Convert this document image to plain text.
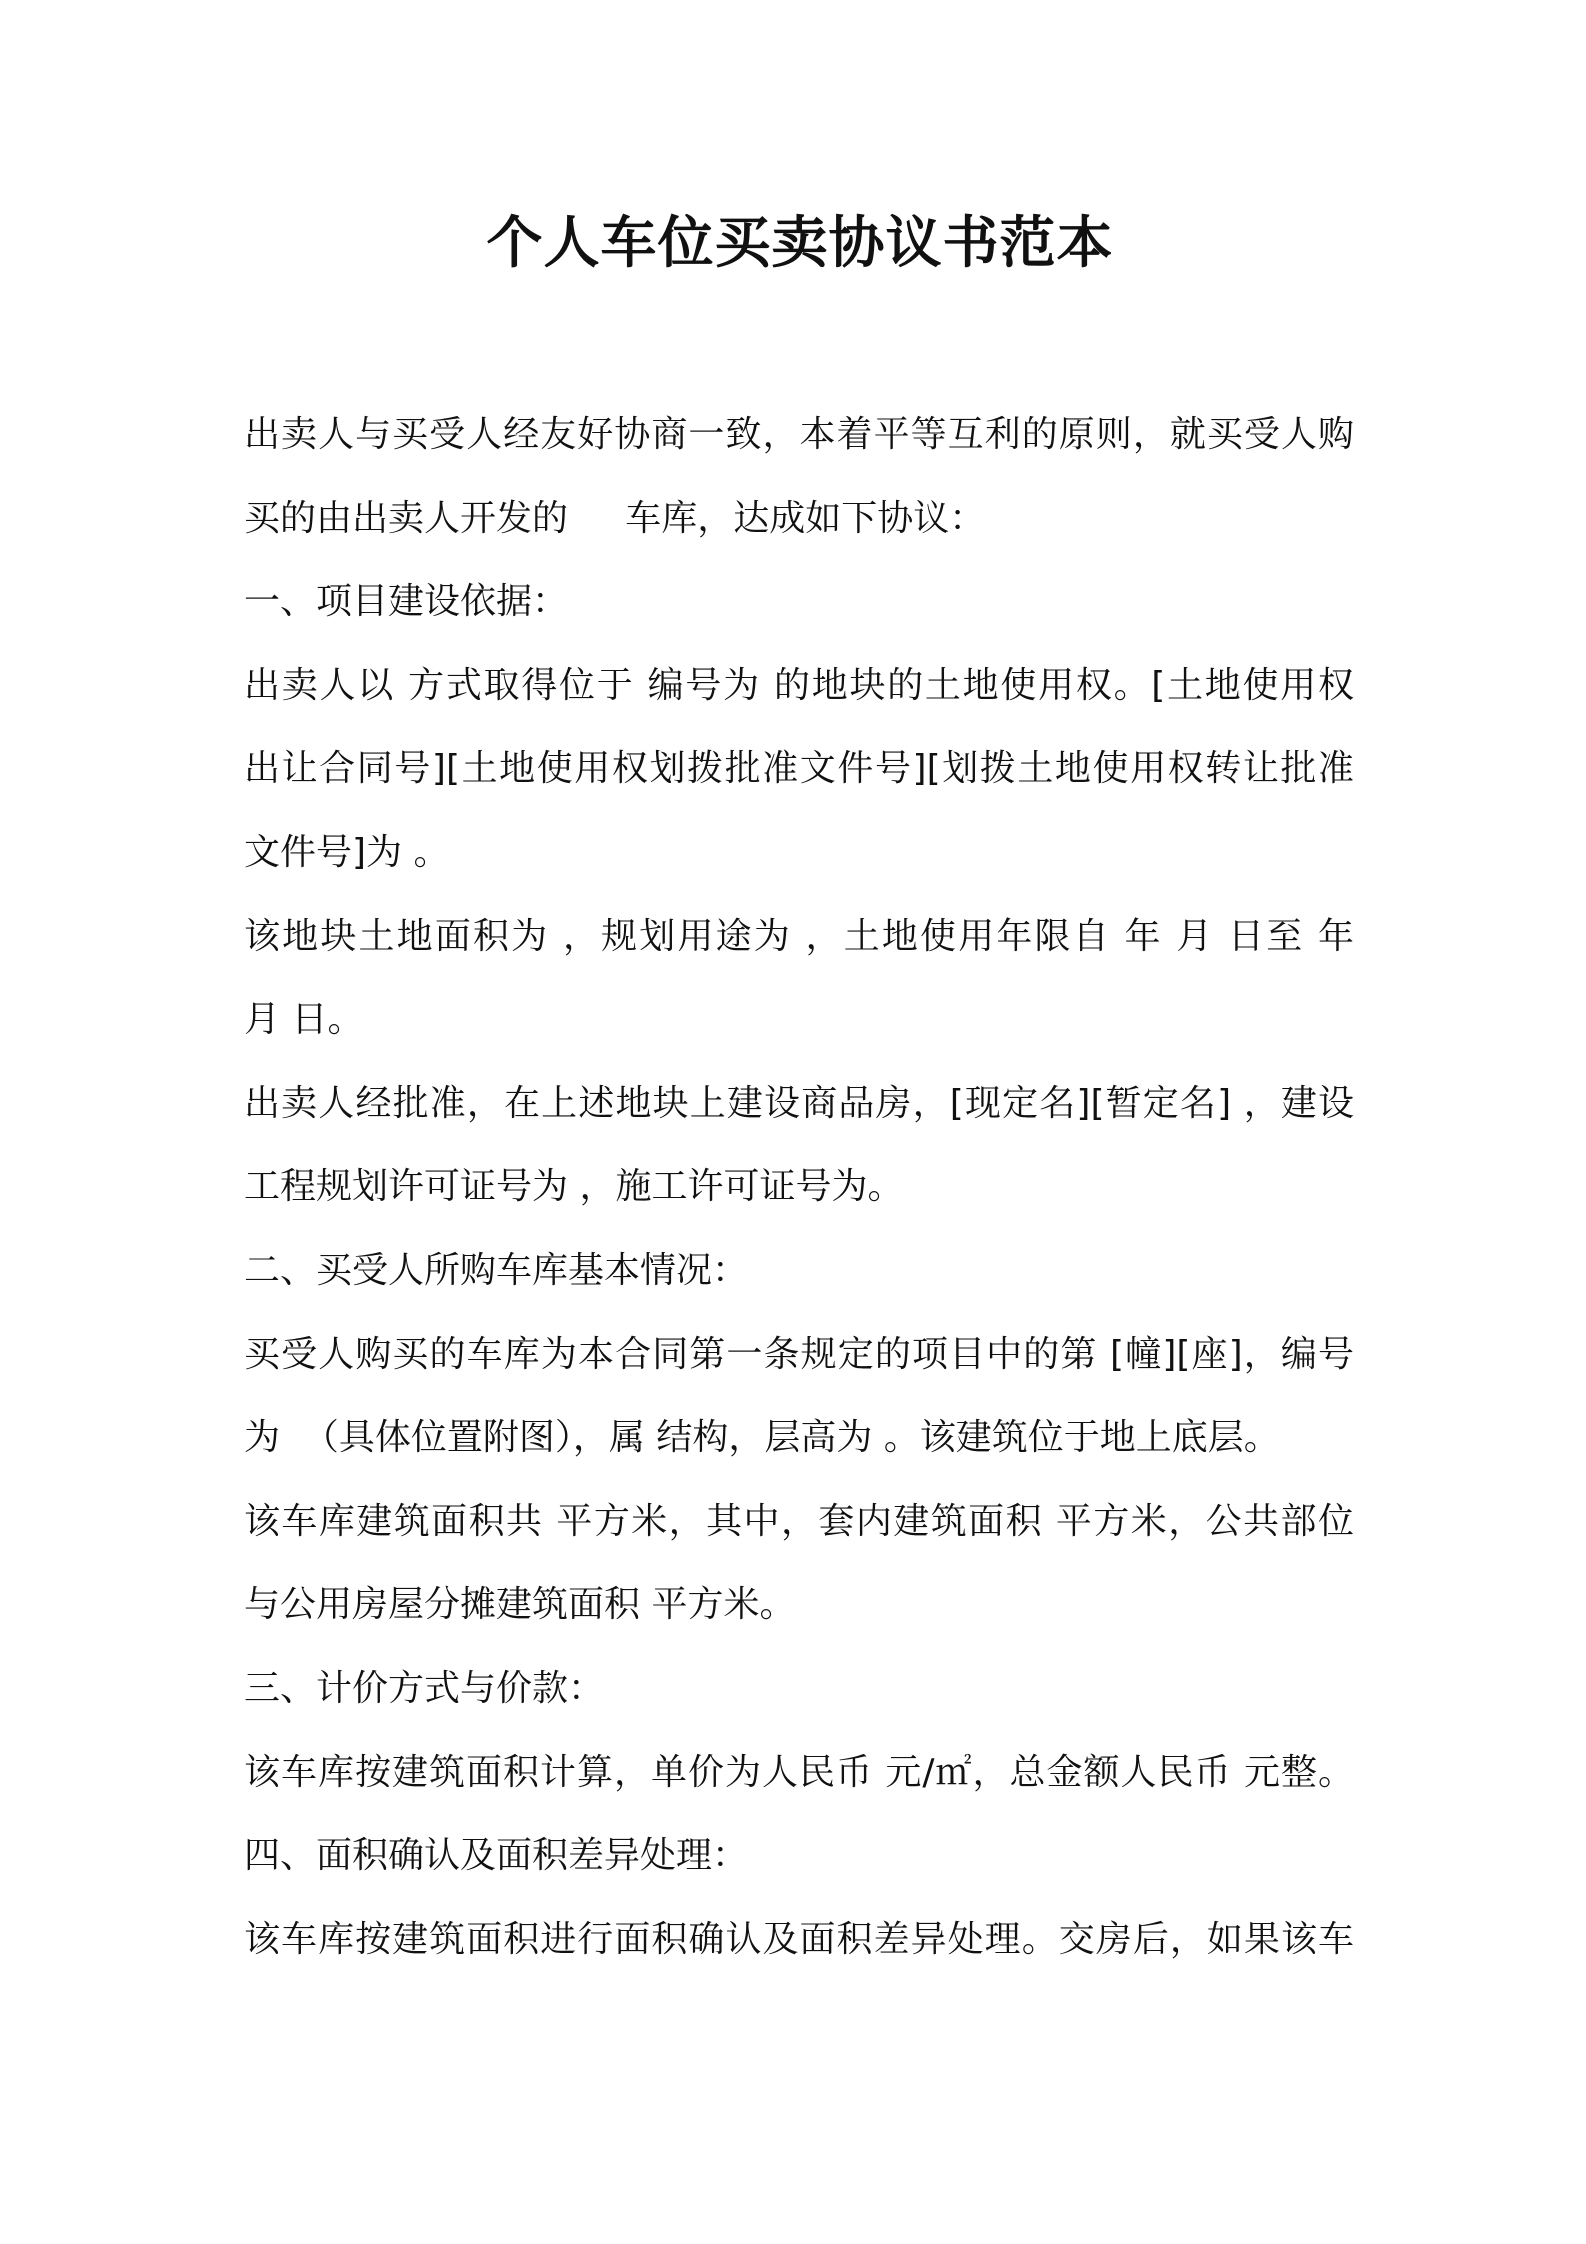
个人车位买卖协议书范本
出卖人与买受人经友好协商一致，本着平等互利的原则，就买受人购
买的由出卖人开发的     车库，达成如下协议：
一、项目建设依据：
出卖人以 方式取得位于 编号为 的地块的土地使用权。[土地使用权
出让合同号][土地使用权划拨批准文件号][划拨土地使用权转让批准
文件号]为 。
该地块土地面积为 ，规划用途为 ，土地使用年限自 年 月 日至 年
月 日。
出卖人经批准，在上述地块上建设商品房，[现定名][暂定名] ，建设
工程规划许可证号为 ，施工许可证号为。
二、买受人所购车库基本情况：
买受人购买的车库为本合同第一条规定的项目中的第 [幢][座]，编号
为  （具体位置附图），属 结构，层高为 。该建筑位于地上底层。
该车库建筑面积共 平方米，其中，套内建筑面积 平方米，公共部位
与公用房屋分摊建筑面积 平方米。
三、计价方式与价款：
该车库按建筑面积计算，单价为人民币 元/㎡，总金额人民币 元整。
四、面积确认及面积差异处理：
该车库按建筑面积进行面积确认及面积差异处理。交房后，如果该车
